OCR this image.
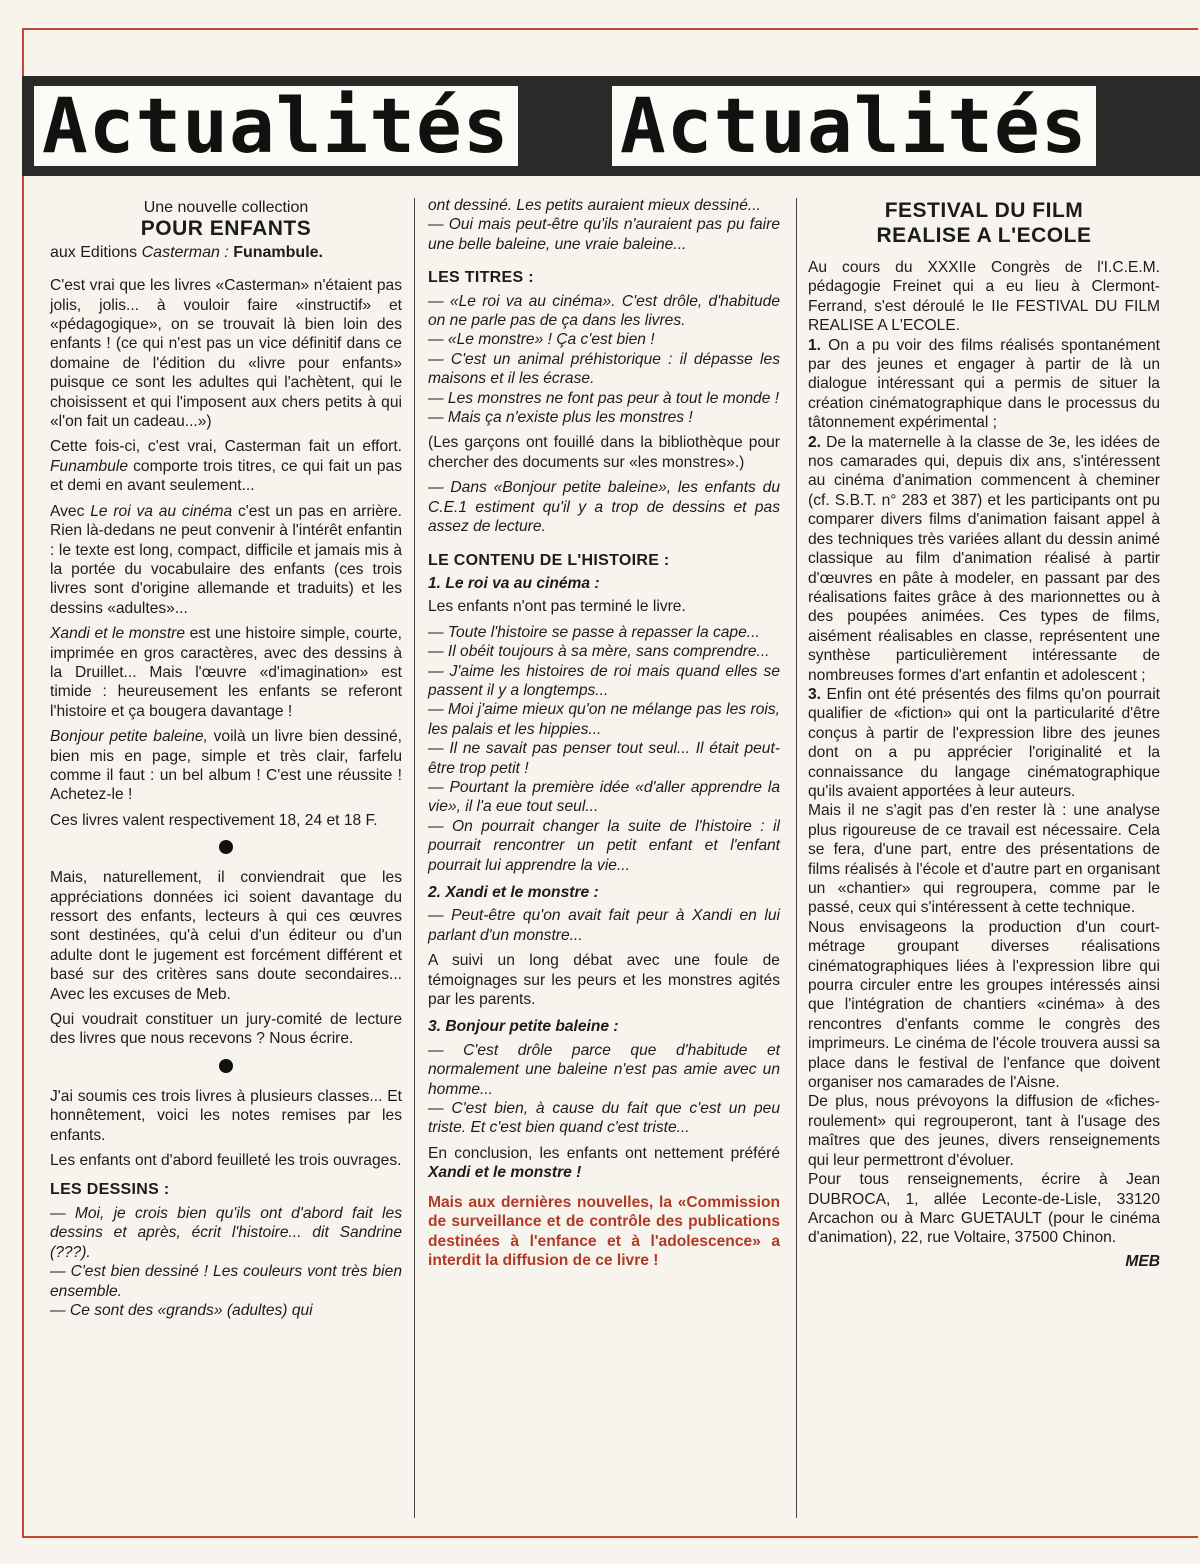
Actualités Actualités
Une nouvelle collection
POUR ENFANTS
aux Editions Casterman : Funambule.

C'est vrai que les livres «Casterman» n'étaient pas jolis, jolis... à vouloir faire «instructif» et «pédagogique», on se trouvait là bien loin des enfants ! (ce qui n'est pas un vice définitif dans ce domaine de l'édition du «livre pour enfants» puisque ce sont les adultes qui l'achètent, qui le choisissent et qui l'imposent aux chers petits à qui «l'on fait un cadeau...»)

Cette fois-ci, c'est vrai, Casterman fait un effort. Funambule comporte trois titres, ce qui fait un pas et demi en avant seulement...

Avec Le roi va au cinéma c'est un pas en arrière. Rien là-dedans ne peut convenir à l'intérêt enfantin : le texte est long, compact, difficile et jamais mis à la portée du vocabulaire des enfants (ces trois livres sont d'origine allemande et traduits) et les dessins «adultes»...

Xandi et le monstre est une histoire simple, courte, imprimée en gros caractères, avec des dessins à la Druillet... Mais l'œuvre «d'imagination» est timide : heureusement les enfants se referont l'histoire et ça bougera davantage !

Bonjour petite baleine, voilà un livre bien dessiné, bien mis en page, simple et très clair, farfelu comme il faut : un bel album ! C'est une réussite ! Achetez-le !

Ces livres valent respectivement 18, 24 et 18 F.

Mais, naturellement, il conviendrait que les appréciations données ici soient davantage du ressort des enfants, lecteurs à qui ces œuvres sont destinées, qu'à celui d'un éditeur ou d'un adulte dont le jugement est forcément différent et basé sur des critères sans doute secondaires... Avec les excuses de Meb.

Qui voudrait constituer un jury-comité de lecture des livres que nous recevons ? Nous écrire.

J'ai soumis ces trois livres à plusieurs classes... Et honnêtement, voici les notes remises par les enfants.

Les enfants ont d'abord feuilleté les trois ouvrages.

LES DESSINS :

— Moi, je crois bien qu'ils ont d'abord fait les dessins et après, écrit l'histoire... dit Sandrine (???).

— C'est bien dessiné ! Les couleurs vont très bien ensemble.

— Ce sont des «grands» (adultes) qui

ont dessiné. Les petits auraient mieux dessiné...

— Oui mais peut-être qu'ils n'auraient pas pu faire une belle baleine, une vraie baleine...

LES TITRES :

— «Le roi va au cinéma». C'est drôle, d'habitude on ne parle pas de ça dans les livres.

— «Le monstre» ! Ça c'est bien !

— C'est un animal préhistorique : il dépasse les maisons et il les écrase.

— Les monstres ne font pas peur à tout le monde !

— Mais ça n'existe plus les monstres !

(Les garçons ont fouillé dans la bibliothèque pour chercher des documents sur «les monstres».)

— Dans «Bonjour petite baleine», les enfants du C.E.1 estiment qu'il y a trop de dessins et pas assez de lecture.

LE CONTENU DE L'HISTOIRE :
1. Le roi va au cinéma :

Les enfants n'ont pas terminé le livre.

— Toute l'histoire se passe à repasser la cape...

— Il obéit toujours à sa mère, sans comprendre...

— J'aime les histoires de roi mais quand elles se passent il y a longtemps...

— Moi j'aime mieux qu'on ne mélange pas les rois, les palais et les hippies...

— Il ne savait pas penser tout seul... Il était peut-être trop petit !

— Pourtant la première idée «d'aller apprendre la vie», il l'a eue tout seul...

— On pourrait changer la suite de l'histoire : il pourrait rencontrer un petit enfant et l'enfant pourrait lui apprendre la vie...

2. Xandi et le monstre :

— Peut-être qu'on avait fait peur à Xandi en lui parlant d'un monstre...

A suivi un long débat avec une foule de témoignages sur les peurs et les monstres agités par les parents.

3. Bonjour petite baleine :

— C'est drôle parce que d'habitude et normalement une baleine n'est pas amie avec un homme...

— C'est bien, à cause du fait que c'est un peu triste. Et c'est bien quand c'est triste...

En conclusion, les enfants ont nettement préféré Xandi et le monstre !

Mais aux dernières nouvelles, la «Commission de surveillance et de contrôle des publications destinées à l'enfance et à l'adolescence» a interdit la diffusion de ce livre !

FESTIVAL DU FILM
REALISE A L'ECOLE

Au cours du XXXIIe Congrès de l'I.C.E.M. pédagogie Freinet qui a eu lieu à Clermont-Ferrand, s'est déroulé le IIe FESTIVAL DU FILM REALISE A L'ECOLE.

1. On a pu voir des films réalisés spontanément par des jeunes et engager à partir de là un dialogue intéressant qui a permis de situer la création cinématographique dans le processus du tâtonnement expérimental ;

2. De la maternelle à la classe de 3e, les idées de nos camarades qui, depuis dix ans, s'intéressent au cinéma d'animation commencent à cheminer (cf. S.B.T. n° 283 et 387) et les participants ont pu comparer divers films d'animation faisant appel à des techniques très variées allant du dessin animé classique au film d'animation réalisé à partir d'œuvres en pâte à modeler, en passant par des réalisations faites grâce à des marionnettes ou à des poupées animées. Ces types de films, aisément réalisables en classe, représentent une synthèse particulièrement intéressante de nombreuses formes d'art enfantin et adolescent ;

3. Enfin ont été présentés des films qu'on pourrait qualifier de «fiction» qui ont la particularité d'être conçus à partir de l'expression libre des jeunes dont on a pu apprécier l'originalité et la connaissance du langage cinématographique qu'ils avaient apportées à leur auteurs.

Mais il ne s'agit pas d'en rester là : une analyse plus rigoureuse de ce travail est nécessaire. Cela se fera, d'une part, entre des présentations de films réalisés à l'école et d'autre part en organisant un «chantier» qui regroupera, comme par le passé, ceux qui s'intéressent à cette technique.

Nous envisageons la production d'un court-métrage groupant diverses réalisations cinématographiques liées à l'expression libre qui pourra circuler entre les groupes intéressés ainsi que l'intégration de chantiers «cinéma» à des rencontres d'enfants comme le congrès des imprimeurs. Le cinéma de l'école trouvera aussi sa place dans le festival de l'enfance que doivent organiser nos camarades de l'Aisne.

De plus, nous prévoyons la diffusion de «fiches-roulement» qui regrouperont, tant à l'usage des maîtres que des jeunes, divers renseignements qui leur permettront d'évoluer.

Pour tous renseignements, écrire à Jean DUBROCA, 1, allée Leconte-de-Lisle, 33120 Arcachon ou à Marc GUETAULT (pour le cinéma d'animation), 22, rue Voltaire, 37500 Chinon.

MEB
